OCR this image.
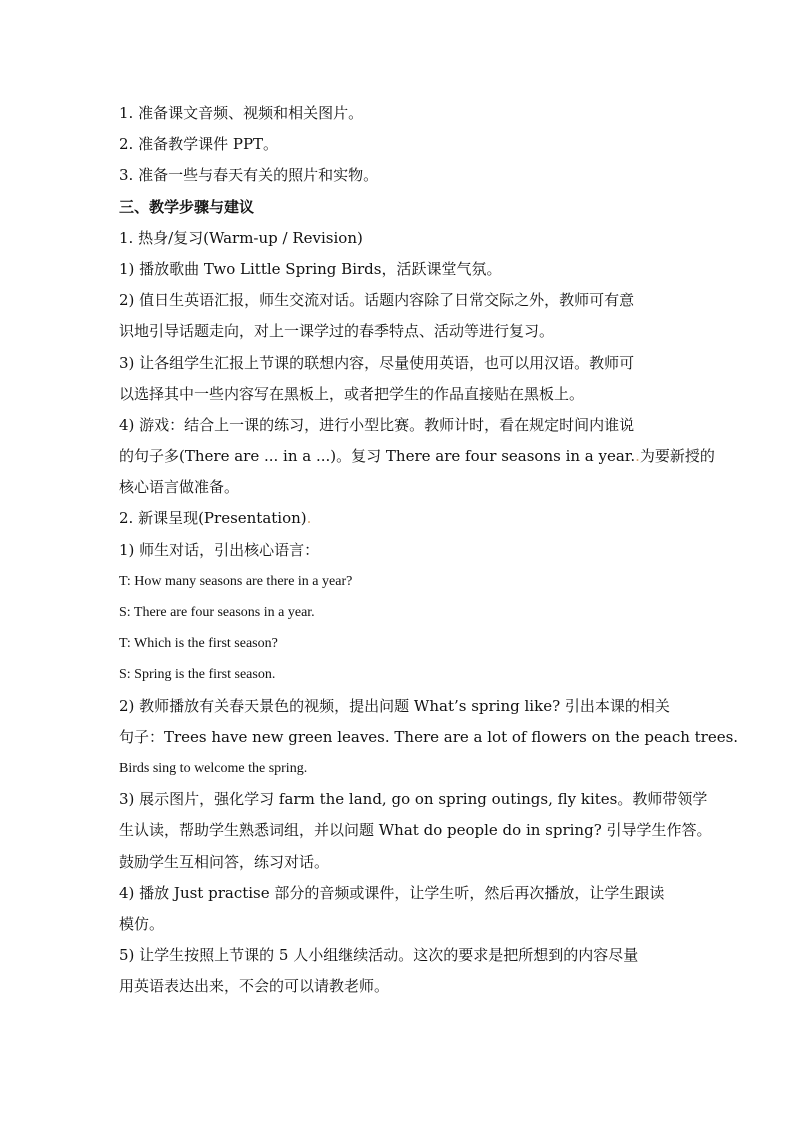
1. 准备课文音频、视频和相关图片。
2. 准备教学课件 PPT。
3. 准备一些与春天有关的照片和实物。
三、教学步骤与建议
1. 热身/复习(Warm-up / Revision)
1) 播放歌曲 Two Little Spring Birds，活跃课堂气氛。
2) 值日生英语汇报，师生交流对话。话题内容除了日常交际之外，教师可有意
识地引导话题走向，对上一课学过的春季特点、活动等进行复习。
3) 让各组学生汇报上节课的联想内容，尽量使用英语，也可以用汉语。教师可
以选择其中一些内容写在黑板上，或者把学生的作品直接贴在黑板上。
4) 游戏：结合上一课的练习，进行小型比赛。教师计时，看在规定时间内谁说
的句子多(There are ... in a ...)。复习 There are four seasons in a year..为要新授的
核心语言做准备。
2. 新课呈现(Presentation).
1) 师生对话，引出核心语言：
T: How many seasons are there in a year?
S: There are four seasons in a year.
T: Which is the first season?
S: Spring is the first season.
2) 教师播放有关春天景色的视频，提出问题 What’s spring like? 引出本课的相关
句子：Trees have new green leaves. There are a lot of flowers on the peach trees.
Birds sing to welcome the spring.
3) 展示图片，强化学习 farm the land, go on spring outings, fly kites。教师带领学
生认读，帮助学生熟悉词组，并以问题 What do people do in spring? 引导学生作答。
鼓励学生互相问答，练习对话。
4) 播放 Just practise 部分的音频或课件，让学生听，然后再次播放，让学生跟读
模仿。
5) 让学生按照上节课的 5 人小组继续活动。这次的要求是把所想到的内容尽量
用英语表达出来，不会的可以请教老师。
